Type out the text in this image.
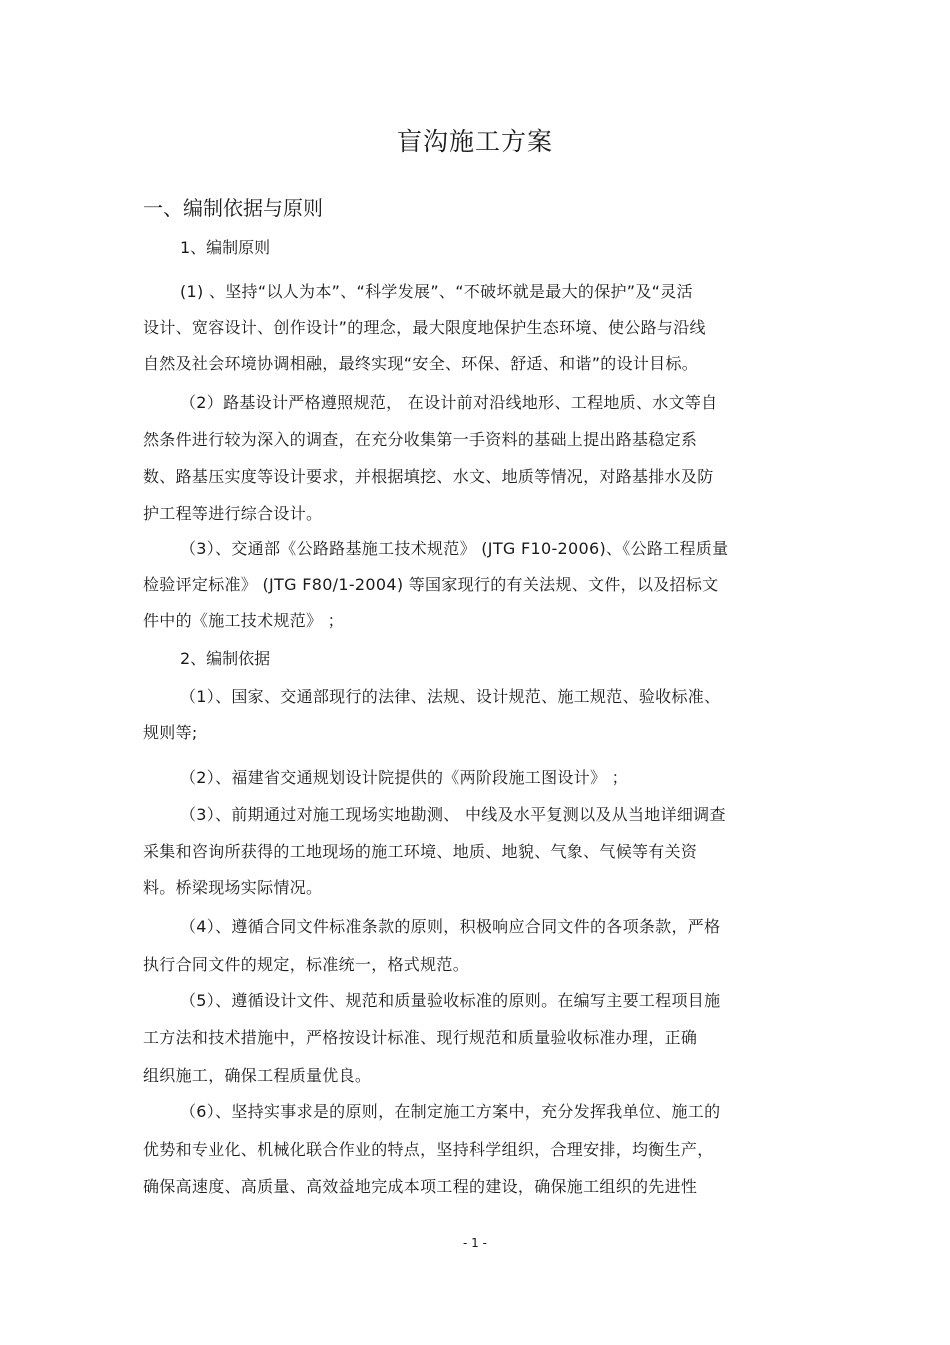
盲沟施工方案
一、编制依据与原则
1、编制原则
(1) 、坚持“以人为本”、“科学发展”、“不破坏就是最大的保护”及“灵活
设计、宽容设计、创作设计”的理念，最大限度地保护生态环境、使公路与沿线
自然及社会环境协调相融，最终实现“安全、环保、舒适、和谐”的设计目标。
（2）路基设计严格遵照规范， 在设计前对沿线地形、工程地质、水文等自
然条件进行较为深入的调查，在充分收集第一手资料的基础上提出路基稳定系
数、路基压实度等设计要求，并根据填挖、水文、地质等情况，对路基排水及防
护工程等进行综合设计。
（3）、交通部《公路路基施工技术规范》 (JTG F10-2006)、《公路工程质量
检验评定标准》 (JTG F80/1-2004) 等国家现行的有关法规、文件，以及招标文
件中的《施工技术规范》 ；
2、编制依据
（1）、国家、交通部现行的法律、法规、设计规范、施工规范、验收标准、
规则等;
（2）、福建省交通规划设计院提供的《两阶段施工图设计》 ；
（3）、前期通过对施工现场实地勘测、 中线及水平复测以及从当地详细调查
采集和咨询所获得的工地现场的施工环境、地质、地貌、气象、气候等有关资
料。桥梁现场实际情况。
（4）、遵循合同文件标准条款的原则，积极响应合同文件的各项条款，严格
执行合同文件的规定，标准统一，格式规范。
（5）、遵循设计文件、规范和质量验收标准的原则。在编写主要工程项目施
工方法和技术措施中，严格按设计标准、现行规范和质量验收标准办理，正确
组织施工，确保工程质量优良。
（6）、坚持实事求是的原则，在制定施工方案中，充分发挥我单位、施工的
优势和专业化、机械化联合作业的特点，坚持科学组织，合理安排，均衡生产，
确保高速度、高质量、高效益地完成本项工程的建设，确保施工组织的先进性
- 1 -
